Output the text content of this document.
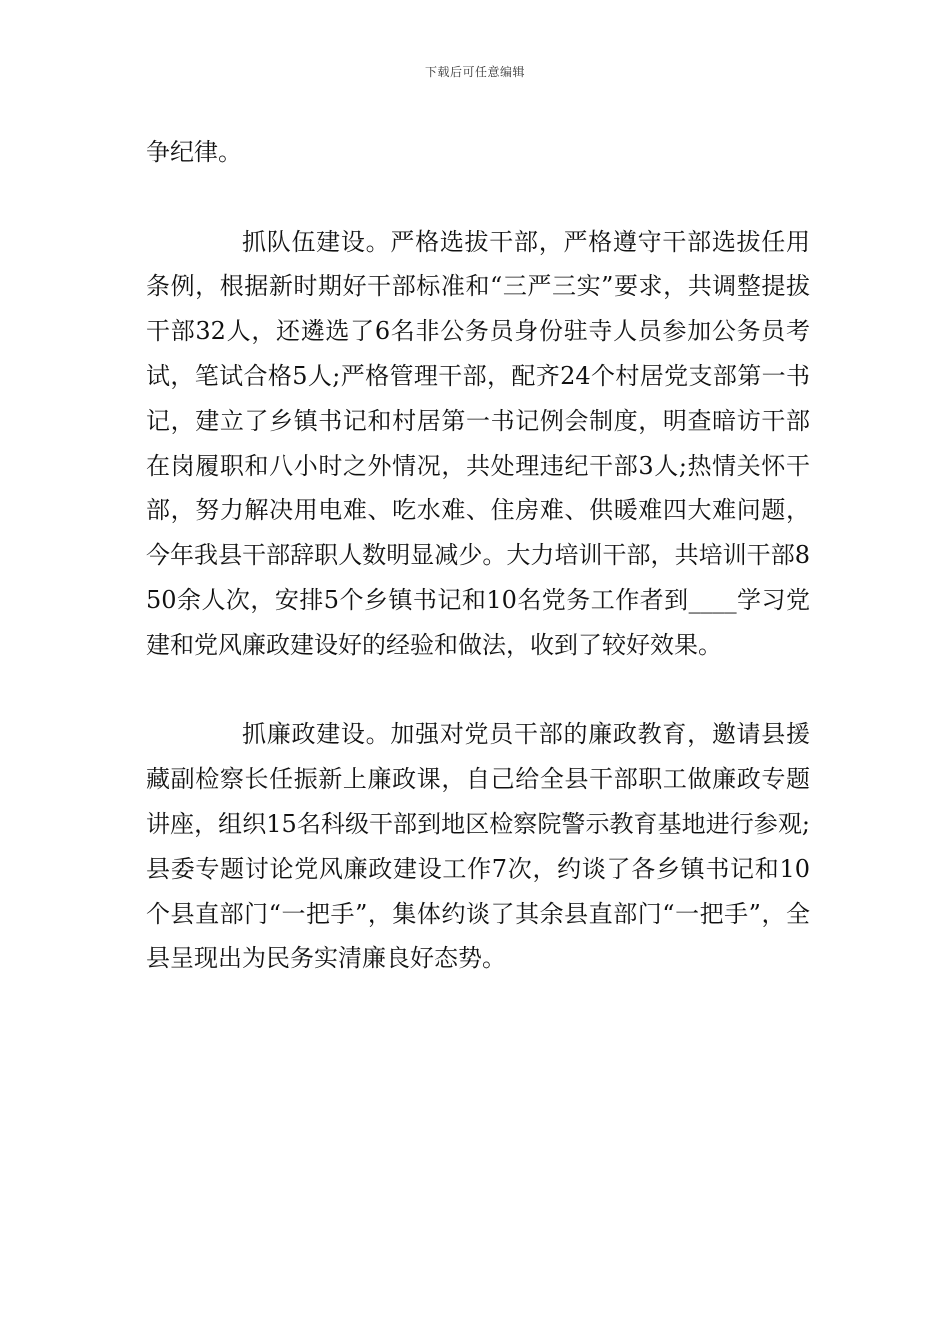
下载后可任意编辑

争纪律。

抓队伍建设。严格选拔干部，严格遵守干部选拔任用条例，根据新时期好干部标准和“三严三实”要求，共调整提拔干部32人，还遴选了6名非公务员身份驻寺人员参加公务员考试，笔试合格5人;严格管理干部，配齐24个村居党支部第一书记，建立了乡镇书记和村居第一书记例会制度，明查暗访干部在岗履职和八小时之外情况，共处理违纪干部3人;热情关怀干部，努力解决用电难、吃水难、住房难、供暖难四大难问题，今年我县干部辞职人数明显减少。大力培训干部，共培训干部850余人次，安排5个乡镇书记和10名党务工作者到____学习党建和党风廉政建设好的经验和做法，收到了较好效果。

抓廉政建设。加强对党员干部的廉政教育，邀请县援藏副检察长任振新上廉政课，自己给全县干部职工做廉政专题讲座，组织15名科级干部到地区检察院警示教育基地进行参观;县委专题讨论党风廉政建设工作7次，约谈了各乡镇书记和10个县直部门“一把手”，集体约谈了其余县直部门“一把手”，全县呈现出为民务实清廉良好态势。
